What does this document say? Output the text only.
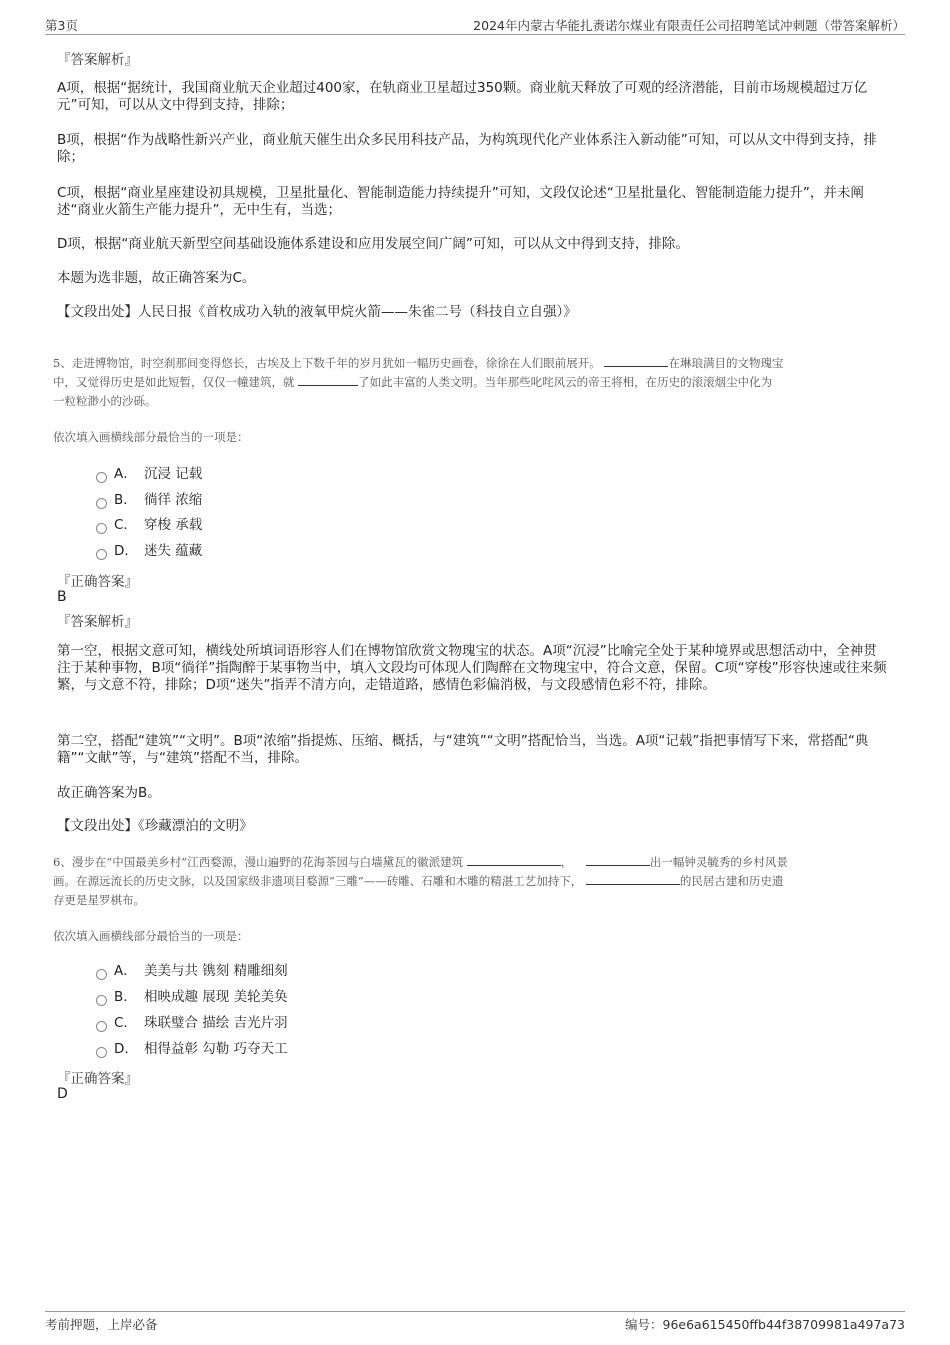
第3页	2024年内蒙古华能扎赉诺尔煤业有限责任公司招聘笔试冲刺题（带答案解析）
『答案解析』
A项，根据“据统计，我国商业航天企业超过400家，在轨商业卫星超过350颗。商业航天释放了可观的经济潜能，目前市场规模超过万亿元”可知，可以从文中得到支持，排除；
B项，根据“作为战略性新兴产业，商业航天催生出众多民用科技产品，为构筑现代化产业体系注入新动能”可知，可以从文中得到支持，排除；
C项，根据“商业星座建设初具规模，卫星批量化、智能制造能力持续提升”可知，文段仅论述“卫星批量化、智能制造能力提升”，并未阐述“商业火箭生产能力提升”，无中生有，当选；
D项，根据“商业航天新型空间基础设施体系建设和应用发展空间广阔”可知，可以从文中得到支持，排除。
本题为选非题，故正确答案为C。
【文段出处】人民日报《首枚成功入轨的液氧甲烷火箭——朱雀二号（科技自立自强）》
5、走进博物馆，时空刹那间变得悠长，古埃及上下数千年的岁月犹如一幅历史画卷，徐徐在人们眼前展开。	在琳琅满目的文物瑰宝
中，又觉得历史是如此短暂，仅仅一幢建筑，就	了如此丰富的人类文明。当年那些叱咤风云的帝王将相，在历史的滚滚烟尘中化为
一粒粒渺小的沙砾。
依次填入画横线部分最恰当的一项是：
A． 沉浸 记载
B． 徜徉 浓缩
C． 穿梭 承载
D． 迷失 蕴藏
『正确答案』
B
『答案解析』
第一空，根据文意可知，横线处所填词语形容人们在博物馆欣赏文物瑰宝的状态。A项“沉浸”比喻完全处于某种境界或思想活动中，全神贯注于某种事物，B项“徜徉”指陶醉于某事物当中，填入文段均可体现人们陶醉在文物瑰宝中，符合文意，保留。C项“穿梭”形容快速或往来频繁，与文意不符，排除；D项“迷失”指弄不清方向，走错道路，感情色彩偏消极，与文段感情色彩不符，排除。
第二空，搭配“建筑”“文明”。B项“浓缩”指提炼、压缩、概括，与“建筑”“文明”搭配恰当，当选。A项“记载”指把事情写下来，常搭配“典籍”“文献”等，与“建筑”搭配不当，排除。
故正确答案为B。
【文段出处】《珍藏漂泊的文明》
6、漫步在“中国最美乡村”江西婺源，漫山遍野的花海茶园与白墙黛瓦的徽派建筑	，	出一幅钟灵毓秀的乡村风景
画。在源远流长的历史文脉，以及国家级非遗项目婺源“三雕”——砖雕、石雕和木雕的精湛工艺加持下，	的民居古建和历史遗
存更是星罗棋布。
依次填入画横线部分最恰当的一项是：
A． 美美与共 镌刻 精雕细刻
B． 相映成趣 展现 美轮美奂
C． 珠联璧合 描绘 吉光片羽
D． 相得益彰 勾勒 巧夺天工
『正确答案』
D
考前押题，上岸必备	编号：96e6a615450ffb44f38709981a497a73
